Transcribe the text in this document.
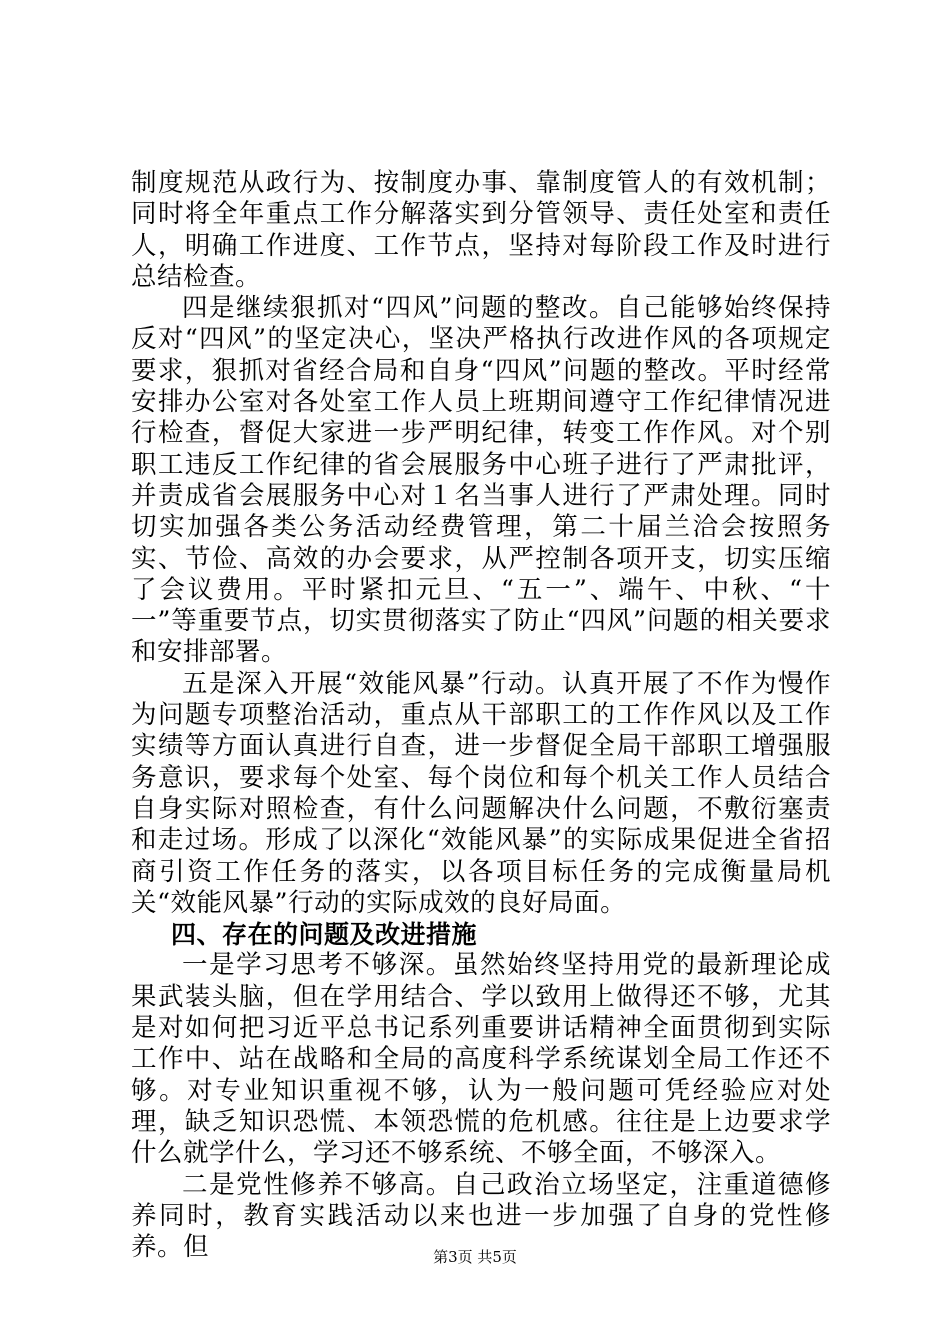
制度规范从政行为、按制度办事、靠制度管人的有效机制；同时将全年重点工作分解落实到分管领导、责任处室和责任人，明确工作进度、工作节点，坚持对每阶段工作及时进行总结检查。

四是继续狠抓对“四风”问题的整改。自己能够始终保持反对“四风”的坚定决心，坚决严格执行改进作风的各项规定要求，狠抓对省经合局和自身“四风”问题的整改。平时经常安排办公室对各处室工作人员上班期间遵守工作纪律情况进行检查，督促大家进一步严明纪律，转变工作作风。对个别职工违反工作纪律的省会展服务中心班子进行了严肃批评，并责成省会展服务中心对１名当事人进行了严肃处理。同时切实加强各类公务活动经费管理，第二十届兰洽会按照务实、节俭、高效的办会要求，从严控制各项开支，切实压缩了会议费用。平时紧扣元旦、“五一”、端午、中秋、“十一”等重要节点，切实贯彻落实了防止“四风”问题的相关要求和安排部署。

五是深入开展“效能风暴”行动。认真开展了不作为慢作为问题专项整治活动，重点从干部职工的工作作风以及工作实绩等方面认真进行自查，进一步督促全局干部职工增强服务意识，要求每个处室、每个岗位和每个机关工作人员结合自身实际对照检查，有什么问题解决什么问题，不敷衍塞责和走过场。形成了以深化“效能风暴”的实际成果促进全省招商引资工作任务的落实，以各项目标任务的完成衡量局机关“效能风暴”行动的实际成效的良好局面。

四、存在的问题及改进措施

一是学习思考不够深。虽然始终坚持用党的最新理论成果武装头脑，但在学用结合、学以致用上做得还不够，尤其是对如何把习近平总书记系列重要讲话精神全面贯彻到实际工作中、站在战略和全局的高度科学系统谋划全局工作还不够。对专业知识重视不够，认为一般问题可凭经验应对处理，缺乏知识恐慌、本领恐慌的危机感。往往是上边要求学什么就学什么，学习还不够系统、不够全面，不够深入。

二是党性修养不够高。自己政治立场坚定，注重道德修养同时，教育实践活动以来也进一步加强了自身的党性修养。但	第3页 共5页
